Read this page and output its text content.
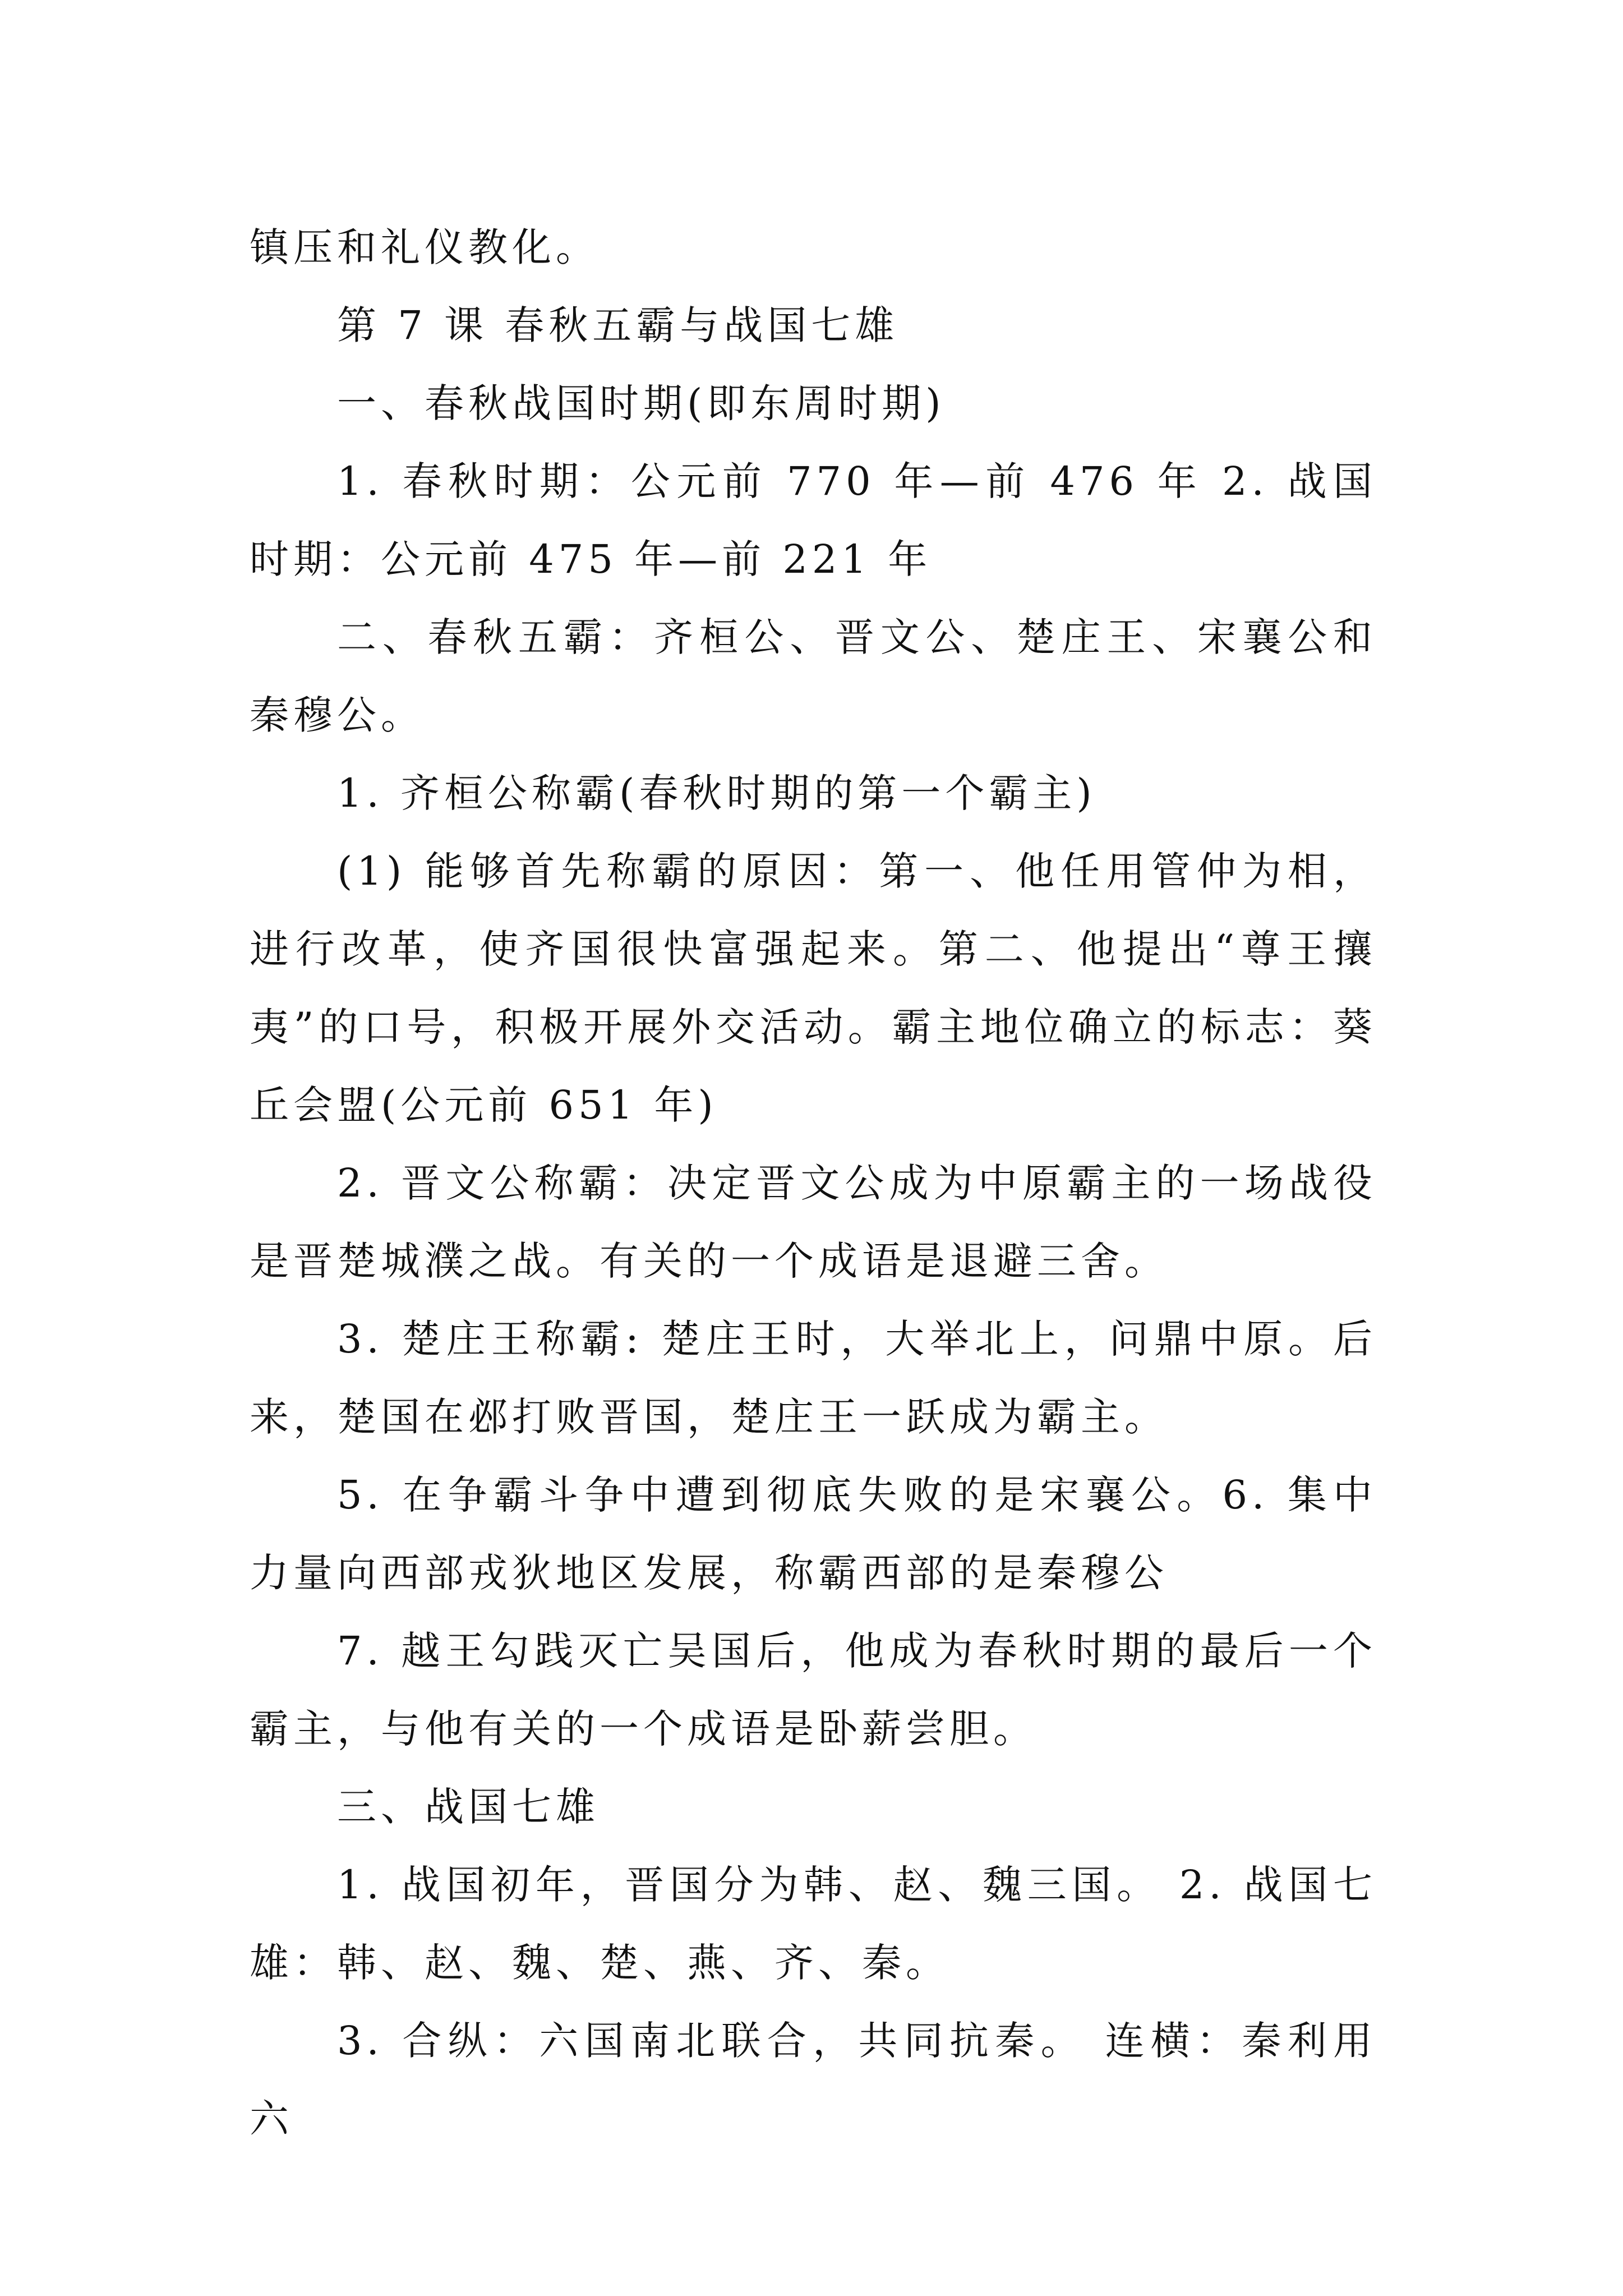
镇压和礼仪教化。

第 7 课 春秋五霸与战国七雄

一、春秋战国时期(即东周时期)

1. 春秋时期：公元前 770 年—前 476 年 2. 战国时期：公元前 475 年—前 221 年

二、春秋五霸：齐桓公、晋文公、楚庄王、宋襄公和秦穆公。

1. 齐桓公称霸(春秋时期的第一个霸主)

(1) 能够首先称霸的原因：第一、他任用管仲为相，进行改革，使齐国很快富强起来。第二、他提出“尊王攘夷”的口号，积极开展外交活动。霸主地位确立的标志：葵丘会盟(公元前 651 年)

2. 晋文公称霸：决定晋文公成为中原霸主的一场战役是晋楚城濮之战。有关的一个成语是退避三舍。

3. 楚庄王称霸: 楚庄王时，大举北上，问鼎中原。后来，楚国在邲打败晋国，楚庄王一跃成为霸主。

5. 在争霸斗争中遭到彻底失败的是宋襄公。6. 集中力量向西部戎狄地区发展，称霸西部的是秦穆公

7. 越王勾践灭亡吴国后，他成为春秋时期的最后一个霸主，与他有关的一个成语是卧薪尝胆。

三、战国七雄

1. 战国初年，晋国分为韩、赵、魏三国。 2. 战国七雄：韩、赵、魏、楚、燕、齐、秦。

3. 合纵：六国南北联合，共同抗秦。 连横：秦利用六
